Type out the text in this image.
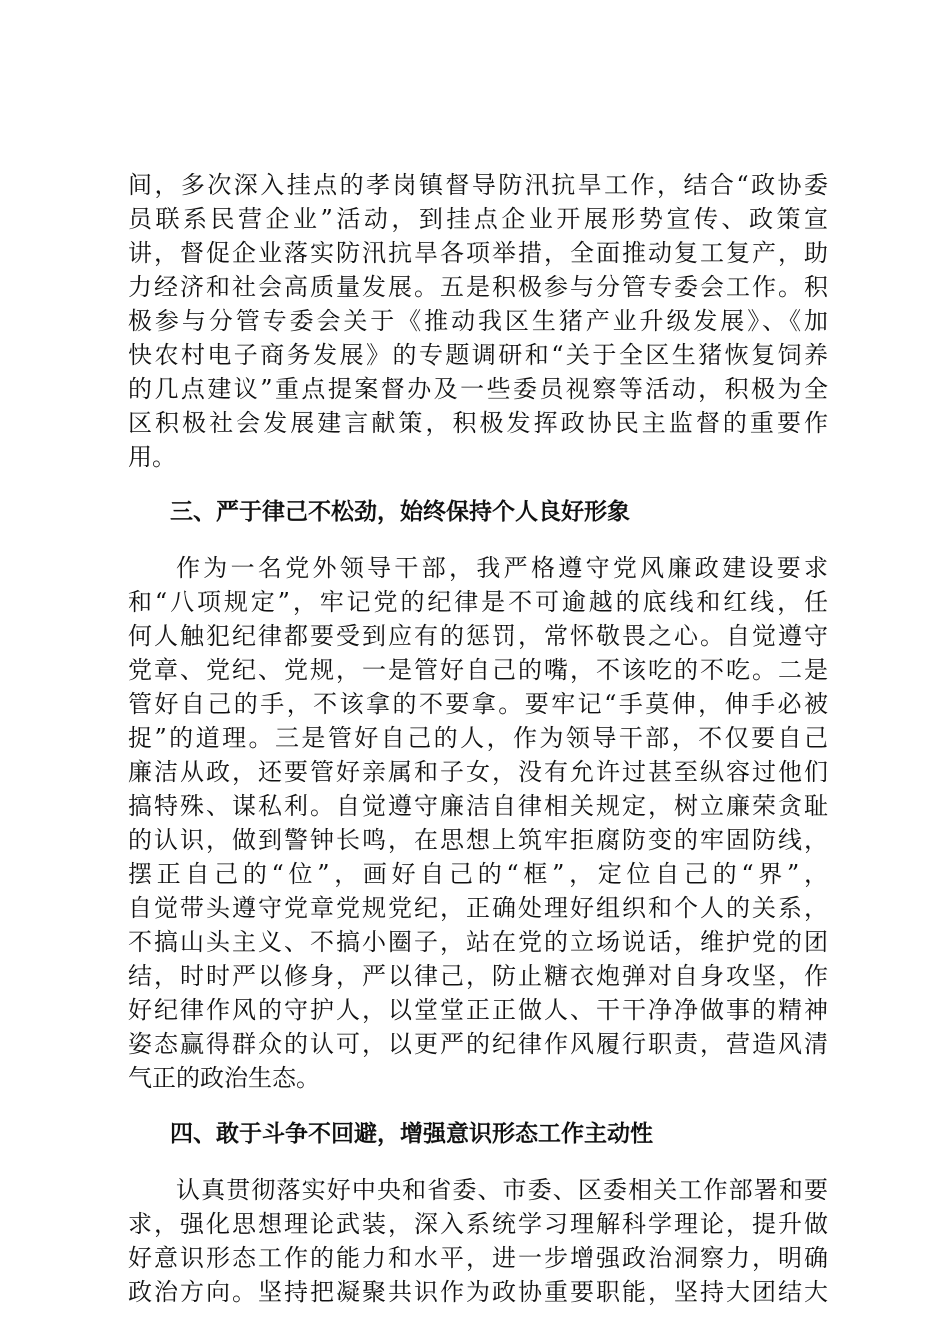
间，多次深入挂点的孝岗镇督导防汛抗旱工作，结合“政协委
员联系民营企业”活动，到挂点企业开展形势宣传、政策宣
讲，督促企业落实防汛抗旱各项举措，全面推动复工复产，助
力经济和社会高质量发展。五是积极参与分管专委会工作。积
极参与分管专委会关于《推动我区生猪产业升级发展》、《加
快农村电子商务发展》的专题调研和“关于全区生猪恢复饲养
的几点建议”重点提案督办及一些委员视察等活动，积极为全
区积极社会发展建言献策，积极发挥政协民主监督的重要作
用。
三、严于律己不松劲，始终保持个人良好形象
作为一名党外领导干部，我严格遵守党风廉政建设要求
和“八项规定”，牢记党的纪律是不可逾越的底线和红线，任
何人触犯纪律都要受到应有的惩罚，常怀敬畏之心。自觉遵守
党章、党纪、党规，一是管好自己的嘴，不该吃的不吃。二是
管好自己的手，不该拿的不要拿。要牢记“手莫伸，伸手必被
捉”的道理。三是管好自己的人，作为领导干部，不仅要自己
廉洁从政，还要管好亲属和子女，没有允许过甚至纵容过他们
搞特殊、谋私利。自觉遵守廉洁自律相关规定，树立廉荣贪耻
的认识，做到警钟长鸣，在思想上筑牢拒腐防变的牢固防线，
摆正自己的“位”，画好自己的“框”，定位自己的“界”，
自觉带头遵守党章党规党纪，正确处理好组织和个人的关系，
不搞山头主义、不搞小圈子，站在党的立场说话，维护党的团
结，时时严以修身，严以律己，防止糖衣炮弹对自身攻坚，作
好纪律作风的守护人，以堂堂正正做人、干干净净做事的精神
姿态赢得群众的认可，以更严的纪律作风履行职责，营造风清
气正的政治生态。
四、敢于斗争不回避，增强意识形态工作主动性
认真贯彻落实好中央和省委、市委、区委相关工作部署和要
求，强化思想理论武装，深入系统学习理解科学理论，提升做
好意识形态工作的能力和水平，进一步增强政治洞察力，明确
政治方向。坚持把凝聚共识作为政协重要职能，坚持大团结大
